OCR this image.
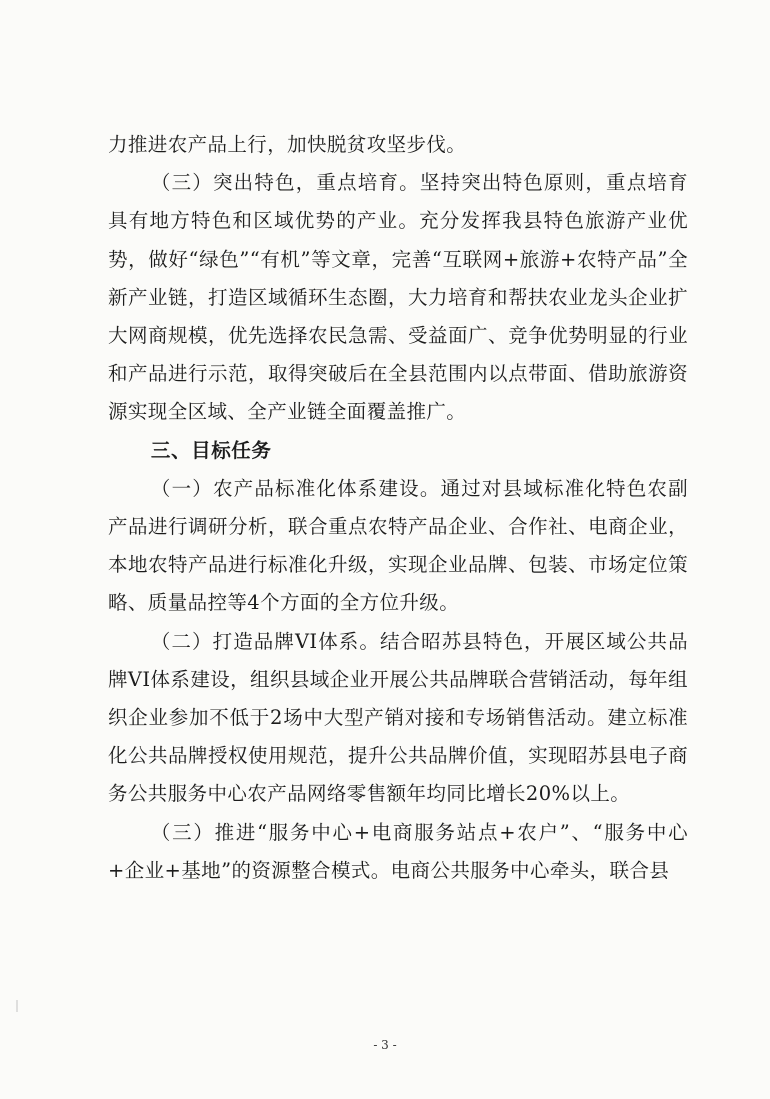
力推进农产品上行，加快脱贫攻坚步伐。

（三）突出特色，重点培育。坚持突出特色原则，重点培育具有地方特色和区域优势的产业。充分发挥我县特色旅游产业优势，做好“绿色”“有机”等文章，完善“互联网+旅游+农特产品”全新产业链，打造区域循环生态圈，大力培育和帮扶农业龙头企业扩大网商规模，优先选择农民急需、受益面广、竞争优势明显的行业和产品进行示范，取得突破后在全县范围内以点带面、借助旅游资源实现全区域、全产业链全面覆盖推广。

三、目标任务

（一）农产品标准化体系建设。通过对县域标准化特色农副产品进行调研分析，联合重点农特产品企业、合作社、电商企业，本地农特产品进行标准化升级，实现企业品牌、包装、市场定位策略、质量品控等4个方面的全方位升级。

（二）打造品牌VI体系。结合昭苏县特色，开展区域公共品牌VI体系建设，组织县域企业开展公共品牌联合营销活动，每年组织企业参加不低于2场中大型产销对接和专场销售活动。建立标准化公共品牌授权使用规范，提升公共品牌价值，实现昭苏县电子商务公共服务中心农产品网络零售额年均同比增长20%以上。

（三）推进“服务中心+电商服务站点+农户”、“服务中心+企业+基地”的资源整合模式。电商公共服务中心牵头，联合县

- 3 -
